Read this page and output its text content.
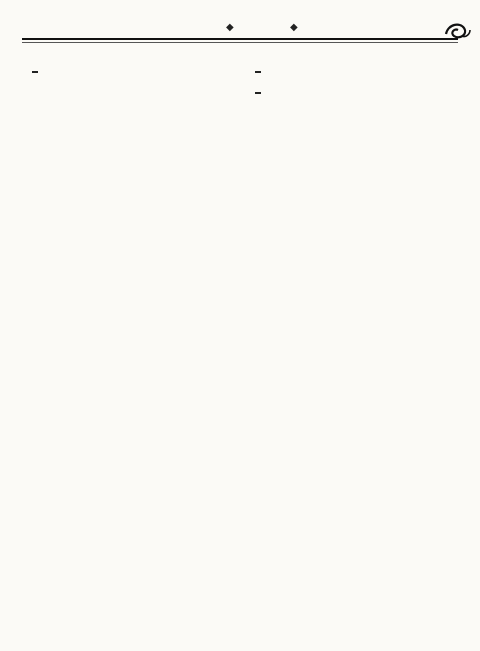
◆	◆
